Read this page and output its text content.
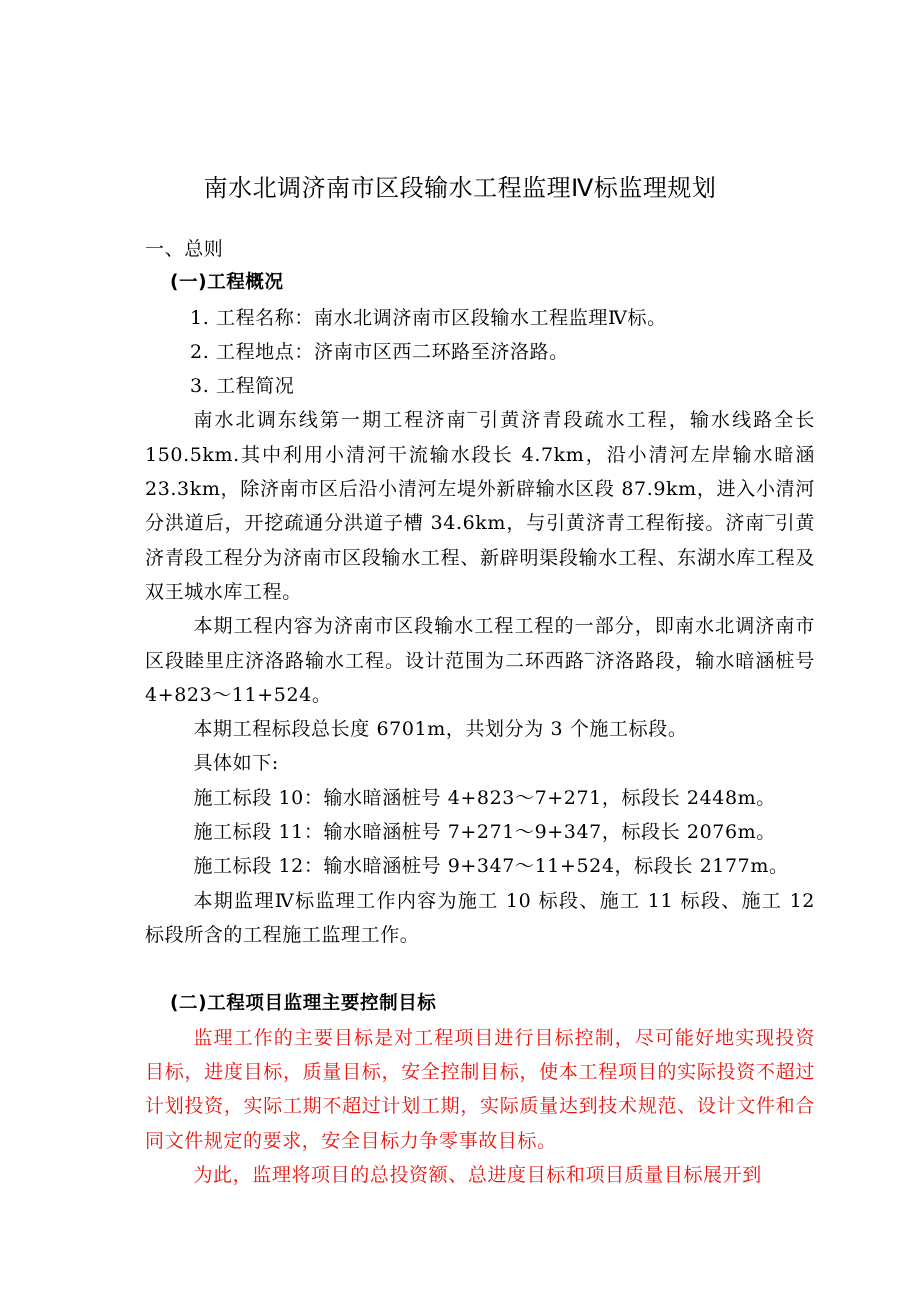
南水北调济南市区段输水工程监理Ⅳ标监理规划

一、总则

(一)工程概况

1. 工程名称：南水北调济南市区段输水工程监理Ⅳ标。

2. 工程地点：济南市区西二环路至济洛路。

3. 工程简况

南水北调东线第一期工程济南‾引黄济青段疏水工程，输水线路全长 150.5km.其中利用小清河干流输水段长 4.7km，沿小清河左岸输水暗涵 23.3km，除济南市区后沿小清河左堤外新辟输水区段 87.9km，进入小清河分洪道后，开挖疏通分洪道子槽 34.6km，与引黄济青工程衔接。济南‾引黄济青段工程分为济南市区段输水工程、新辟明渠段输水工程、东湖水库工程及双王城水库工程。

本期工程内容为济南市区段输水工程工程的一部分，即南水北调济南市区段睦里庄济洛路输水工程。设计范围为二环西路‾济洛路段，输水暗涵桩号 4+823～11+524。

本期工程标段总长度 6701m，共划分为 3 个施工标段。

具体如下:

施工标段 10：输水暗涵桩号 4+823～7+271，标段长 2448m。

施工标段 11：输水暗涵桩号 7+271～9+347，标段长 2076m。

施工标段 12：输水暗涵桩号 9+347～11+524，标段长 2177m。

本期监理Ⅳ标监理工作内容为施工 10 标段、施工 11 标段、施工 12 标段所含的工程施工监理工作。

(二)工程项目监理主要控制目标

监理工作的主要目标是对工程项目进行目标控制，尽可能好地实现投资目标，进度目标，质量目标，安全控制目标，使本工程项目的实际投资不超过计划投资，实际工期不超过计划工期，实际质量达到技术规范、设计文件和合同文件规定的要求，安全目标力争零事故目标。

为此，监理将项目的总投资额、总进度目标和项目质量目标展开到
